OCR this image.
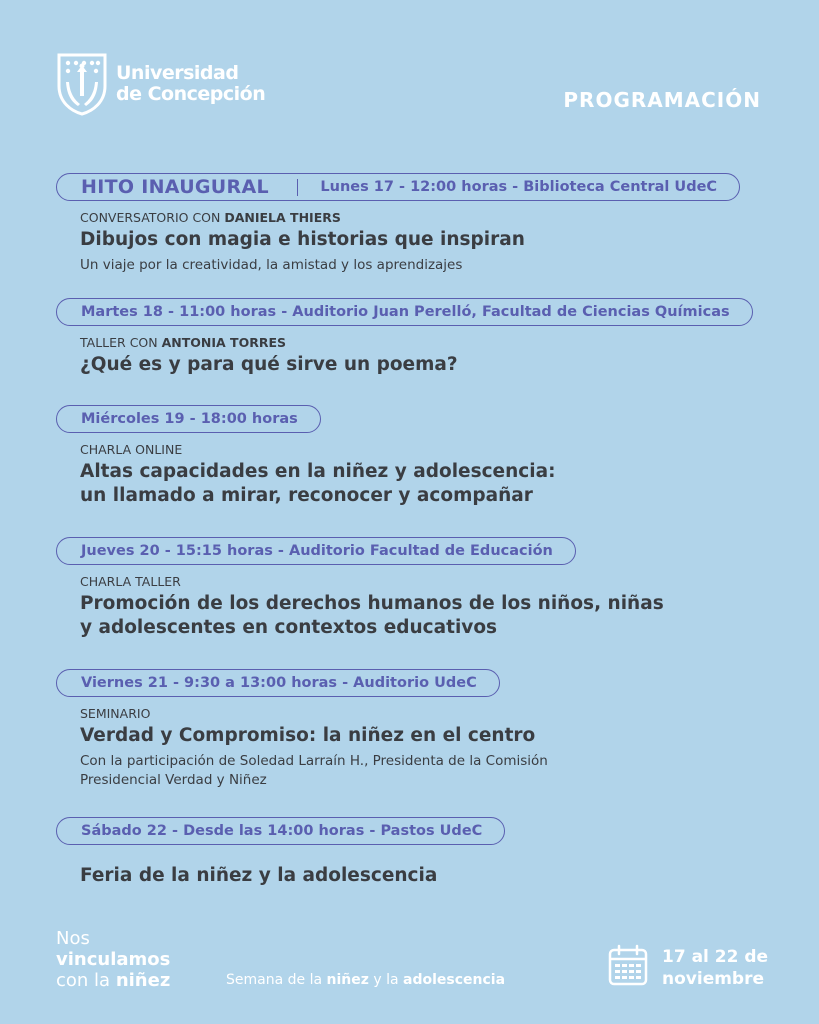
Universidad
de Concepción	PROGRAMACIÓN
HITO INAUGURAL	Lunes 17 - 12:00 horas - Biblioteca Central UdeC
CONVERSATORIO CON DANIELA THIERS
Dibujos con magia e historias que inspiran
Un viaje por la creatividad, la amistad y los aprendizajes
Martes 18 - 11:00 horas - Auditorio Juan Perelló, Facultad de Ciencias Químicas
TALLER CON ANTONIA TORRES
¿Qué es y para qué sirve un poema?
Miércoles 19 - 18:00 horas
CHARLA ONLINE
Altas capacidades en la niñez y adolescencia:
un llamado a mirar, reconocer y acompañar
Jueves 20 - 15:15 horas - Auditorio Facultad de Educación
CHARLA TALLER
Promoción de los derechos humanos de los niños, niñas
y adolescentes en contextos educativos
Viernes 21 - 9:30 a 13:00 horas - Auditorio UdeC
SEMINARIO
Verdad y Compromiso: la niñez en el centro
Con la participación de Soledad Larraín H., Presidenta de la Comisión
Presidencial Verdad y Niñez
Sábado 22 - Desde las 14:00 horas - Pastos UdeC
Feria de la niñez y la adolescencia
Nos
vinculamos
con la niñez	Semana de la niñez y la adolescencia
17 al 22 de
noviembre
